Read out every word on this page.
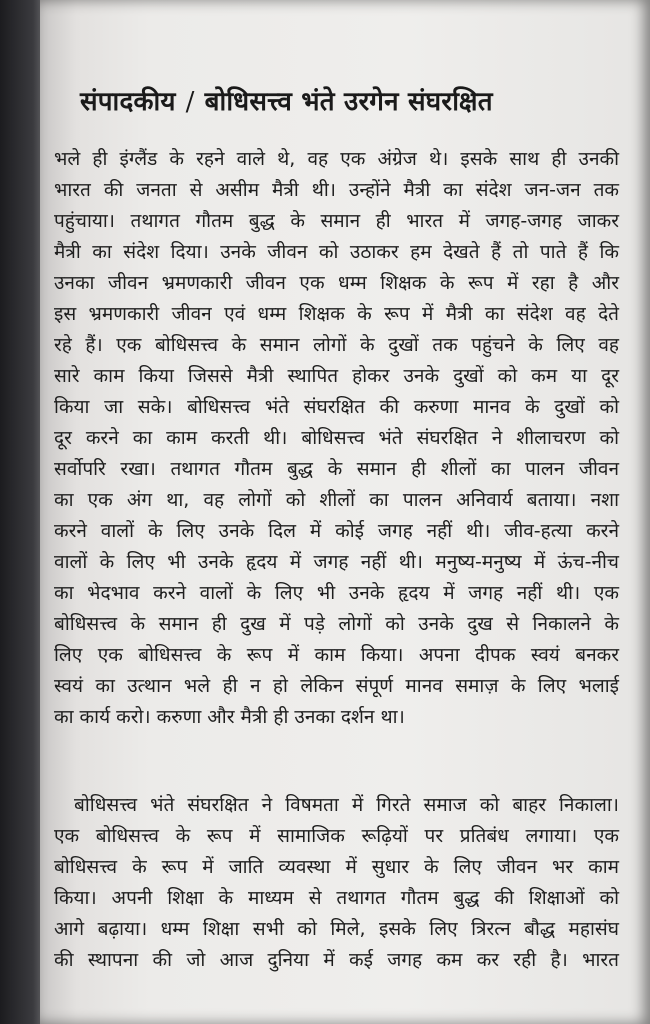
संपादकीय / बोधिसत्त्व भंते उरगेन संघरक्षित
भले ही इंग्लैंड के रहने वाले थे, वह एक अंग्रेज थे। इसके साथ ही उनकी
भारत की जनता से असीम मैत्री थी। उन्होंने मैत्री का संदेश जन-जन तक
पहुंचाया। तथागत गौतम बुद्ध के समान ही भारत में जगह-जगह जाकर
मैत्री का संदेश दिया। उनके जीवन को उठाकर हम देखते हैं तो पाते हैं कि
उनका जीवन भ्रमणकारी जीवन एक धम्म शिक्षक के रूप में रहा है और
इस भ्रमणकारी जीवन एवं धम्म शिक्षक के रूप में मैत्री का संदेश वह देते
रहे हैं। एक बोधिसत्त्व के समान लोगों के दुखों तक पहुंचने के लिए वह
सारे काम किया जिससे मैत्री स्थापित होकर उनके दुखों को कम या दूर
किया जा सके। बोधिसत्त्व भंते संघरक्षित की करुणा मानव के दुखों को
दूर करने का काम करती थी। बोधिसत्त्व भंते संघरक्षित ने शीलाचरण को
सर्वोपरि रखा। तथागत गौतम बुद्ध के समान ही शीलों का पालन जीवन
का एक अंग था, वह लोगों को शीलों का पालन अनिवार्य बताया। नशा
करने वालों के लिए उनके दिल में कोई जगह नहीं थी। जीव-हत्या करने
वालों के लिए भी उनके हृदय में जगह नहीं थी। मनुष्य-मनुष्य में ऊंच-नीच
का भेदभाव करने वालों के लिए भी उनके हृदय में जगह नहीं थी। एक
बोधिसत्त्व के समान ही दुख में पड़े लोगों को उनके दुख से निकालने के
लिए एक बोधिसत्त्व के रूप में काम किया। अपना दीपक स्वयं बनकर
स्वयं का उत्थान भले ही न हो लेकिन संपूर्ण मानव समाज़ के लिए भलाई
का कार्य करो। करुणा और मैत्री ही उनका दर्शन था।
बोधिसत्त्व भंते संघरक्षित ने विषमता में गिरते समाज को बाहर निकाला।
एक बोधिसत्त्व के रूप में सामाजिक रूढ़ियों पर प्रतिबंध लगाया। एक
बोधिसत्त्व के रूप में जाति व्यवस्था में सुधार के लिए जीवन भर काम
किया। अपनी शिक्षा के माध्यम से तथागत गौतम बुद्ध की शिक्षाओं को
आगे बढ़ाया। धम्म शिक्षा सभी को मिले, इसके लिए त्रिरत्न बौद्ध महासंघ
की स्थापना की जो आज दुनिया में कई जगह कम कर रही है। भारत
